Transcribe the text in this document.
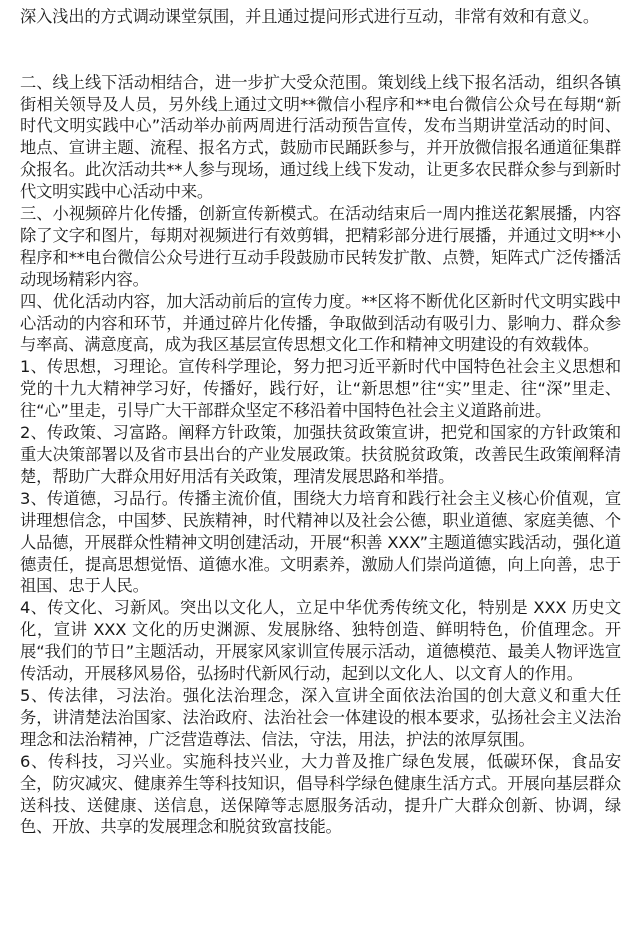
深入浅出的方式调动课堂氛围，并且通过提问形式进行互动，非常有效和有意义。

二、线上线下活动相结合，进一步扩大受众范围。策划线上线下报名活动，组织各镇街相关领导及人员，另外线上通过文明**微信小程序和**电台微信公众号在每期“新时代文明实践中心”活动举办前两周进行活动预告宣传，发布当期讲堂活动的时间、地点、宣讲主题、流程、报名方式，鼓励市民踊跃参与，并开放微信报名通道征集群众报名。此次活动共**人参与现场，通过线上线下发动，让更多农民群众参与到新时代文明实践中心活动中来。

三、小视频碎片化传播，创新宣传新模式。在活动结束后一周内推送花絮展播，内容除了文字和图片，每期对视频进行有效剪辑，把精彩部分进行展播，并通过文明**小程序和**电台微信公众号进行互动手段鼓励市民转发扩散、点赞，矩阵式广泛传播活动现场精彩内容。

四、优化活动内容，加大活动前后的宣传力度。**区将不断优化区新时代文明实践中心活动的内容和环节，并通过碎片化传播，争取做到活动有吸引力、影响力、群众参与率高、满意度高，成为我区基层宣传思想文化工作和精神文明建设的有效载体。

1、传思想，习理论。宣传科学理论，努力把习近平新时代中国特色社会主义思想和党的十九大精神学习好，传播好，践行好，让“新思想”往“实”里走、往“深”里走、往“心”里走，引导广大干部群众坚定不移沿着中国特色社会主义道路前进。

2、传政策、习富路。阐释方针政策，加强扶贫政策宣讲，把党和国家的方针政策和重大决策部署以及省市县出台的产业发展政策。扶贫脱贫政策，改善民生政策阐释清楚，帮助广大群众用好用活有关政策，理清发展思路和举措。

3、传道德，习品行。传播主流价值，围绕大力培育和践行社会主义核心价值观，宣讲理想信念，中国梦、民族精神，时代精神以及社会公德，职业道德、家庭美德、个人品德，开展群众性精神文明创建活动，开展“积善 XXX”主题道德实践活动，强化道德责任，提高思想觉悟、道德水准。文明素养，激励人们崇尚道德，向上向善，忠于祖国、忠于人民。

4、传文化、习新风。突出以文化人，立足中华优秀传统文化，特别是 XXX 历史文化，宣讲 XXX 文化的历史渊源、发展脉络、独特创造、鲜明特色，价值理念。开展“我们的节日”主题活动，开展家风家训宣传展示活动，道德模范、最美人物评选宣传活动，开展移风易俗，弘扬时代新风行动，起到以文化人、以文育人的作用。

5、传法律，习法治。强化法治理念，深入宣讲全面依法治国的创大意义和重大任务，讲清楚法治国家、法治政府、法治社会一体建设的根本要求，弘扬社会主义法治理念和法治精神，广泛营造尊法、信法，守法，用法，护法的浓厚氛围。

6、传科技，习兴业。实施科技兴业，大力普及推广绿色发展，低碳环保，食品安全，防灾减灾、健康养生等科技知识，倡导科学绿色健康生活方式。开展向基层群众送科技、送健康、送信息，送保障等志愿服务活动，提升广大群众创新、协调，绿色、开放、共享的发展理念和脱贫致富技能。
